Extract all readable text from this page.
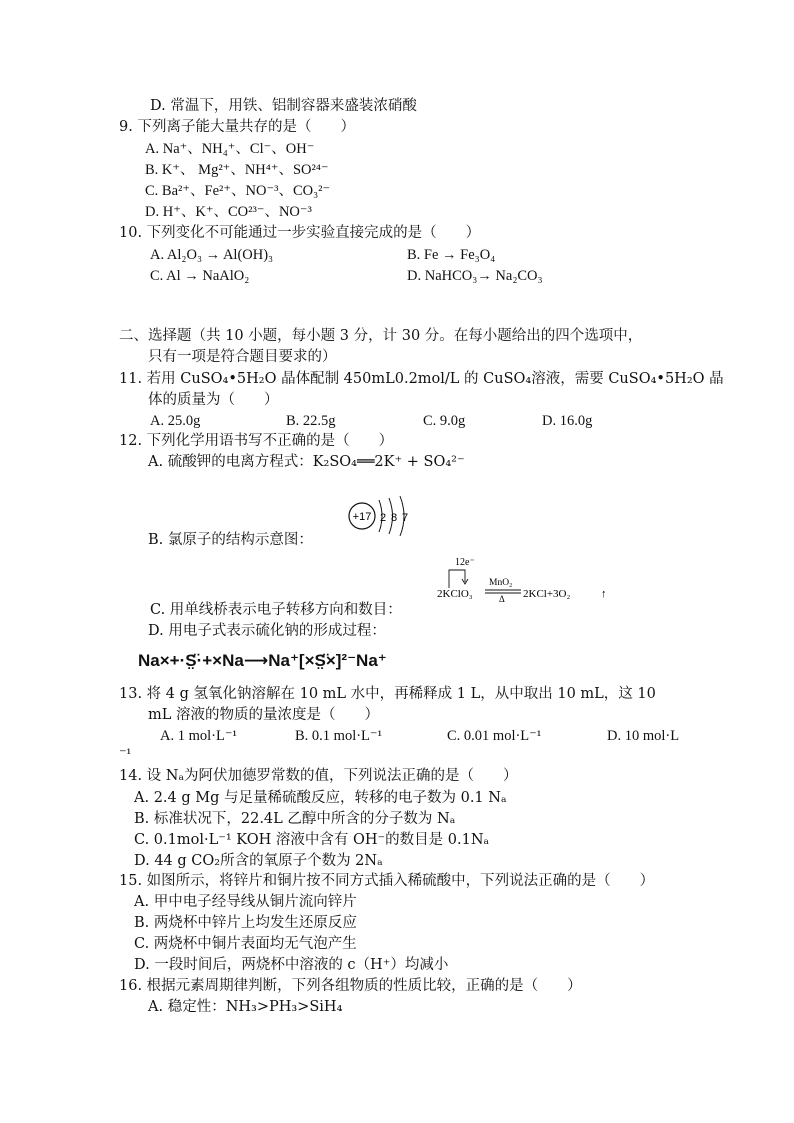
D. 常温下，用铁、铝制容器来盛装浓硝酸
9. 下列离子能大量共存的是（　　）
A. Na⁺、NH₄⁺、Cl⁻、OH⁻
B. K⁺、 Mg²⁺、NH⁴⁺、SO²⁴⁻
C. Ba²⁺、Fe²⁺、NO⁻³、CO₃²⁻
D. H⁺、K⁺、CO²³⁻、NO⁻³
10. 下列变化不可能通过一步实验直接完成的是（　　）
A. Al₂O₃ → Al(OH)₃	B. Fe → Fe₃O₄
C. Al → NaAlO₂	D. NaHCO₃→ Na₂CO₃
二、选择题（共 10 小题，每小题 3 分，计 30 分。在每小题给出的四个选项中，
只有一项是符合题目要求的）
11. 若用 CuSO₄•5H₂O 晶体配制 450mL0.2mol/L 的 CuSO₄溶液，需要 CuSO₄•5H₂O 晶
体的质量为（　　）
A. 25.0g	B. 22.5g	C. 9.0g	D. 16.0g
12. 下列化学用语书写不正确的是（　　）
A. 硫酸钾的电离方程式：K₂SO₄══2K⁺ + SO₄²⁻
+17 2 8 7
B. 氯原子的结构示意图：
12e⁻
2KClO₃
MnO₂
Δ 2KCl+3O₂	↑
C. 用单线桥表示电子转移方向和数目：
D. 用电子式表示硫化钠的形成过程：
Na×+·S̤̈·+×Na⟶Na⁺[×S̤̈×]²⁻Na⁺
13. 将 4 g 氢氧化钠溶解在 10 mL 水中，再稀释成 1 L，从中取出 10 mL，这 10
mL 溶液的物质的量浓度是（　　）
A. 1 mol·L⁻¹	B. 0.1 mol·L⁻¹	C. 0.01 mol·L⁻¹	D. 10 mol·L
⁻¹
14. 设 Nₐ为阿伏加德罗常数的值，下列说法正确的是（　　）
A. 2.4 g Mg 与足量稀硫酸反应，转移的电子数为 0.1 Nₐ
B. 标准状况下，22.4L 乙醇中所含的分子数为 Nₐ
C. 0.1mol·L⁻¹ KOH 溶液中含有 OH⁻的数目是 0.1Nₐ
D. 44 g CO₂所含的氧原子个数为 2Nₐ
15. 如图所示，将锌片和铜片按不同方式插入稀硫酸中，下列说法正确的是（　　）
A. 甲中电子经导线从铜片流向锌片
B. 两烧杯中锌片上均发生还原反应
C. 两烧杯中铜片表面均无气泡产生
D. 一段时间后，两烧杯中溶液的 c（H⁺）均减小
16. 根据元素周期律判断，下列各组物质的性质比较，正确的是（　　）
A. 稳定性：NH₃>PH₃>SiH₄
